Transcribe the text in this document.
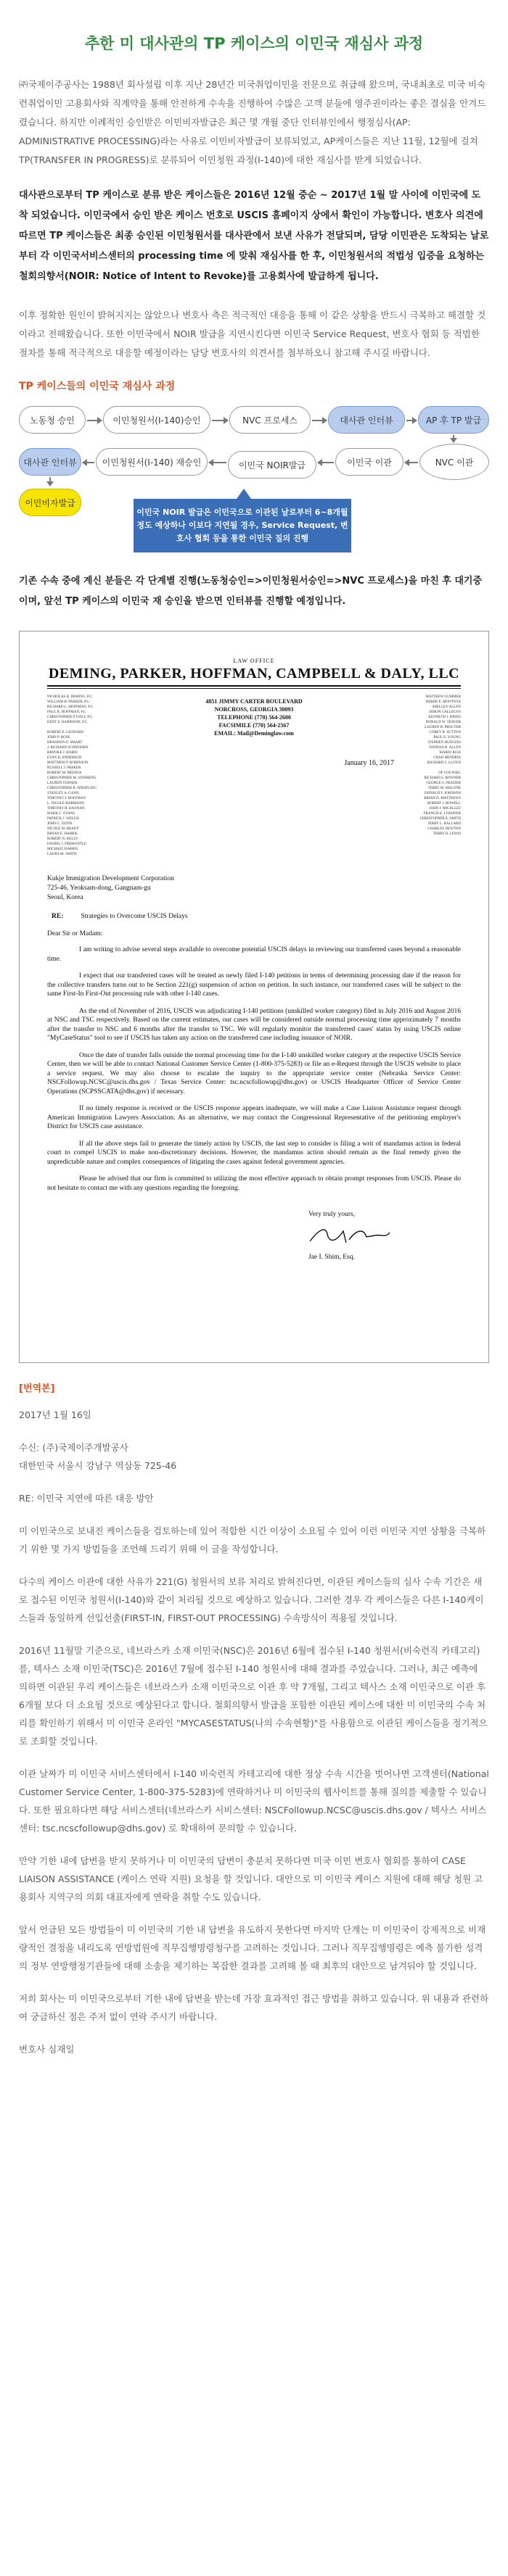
추한 미 대사관의 TP 케이스의 이민국 재심사 과정

㈜국제이주공사는 1988년 회사설립 이후 지난 28년간 미국취업이민을 전문으로 취급해 왔으며, 국내최초로 미국 비숙련취업이민 고용회사와 직계약을 통해 안전하게 수속을 진행하여 수많은 고객 분들에 영주권이라는 좋은 결실을 안겨드렸습니다. 하지만 이례적인 승인받은 이민비자발급은 최근 몇 개월 중단 인터뷰인에서 행정심사(AP: ADMINISTRATIVE PROCESSING)라는 사유로 이민비자발급이 보류되었고, AP케이스들은 지난 11월, 12월에 걸쳐 TP(TRANSFER IN PROGRESS)로 분류되어 이민청원 과정(I-140)에 대한 재심사를 받게 되었습니다.

대사관으로부터 TP 케이스로 분류 받은 케이스들은 2016년 12월 중순 ~ 2017년 1월 말 사이에 이민국에 도착 되었습니다. 이민국에서 승인 받은 케이스 번호로 USCIS 홈페이지 상에서 확인이 가능합니다. 변호사 의견에 따르면 TP 케이스들은 최종 승인된 이민청원서를 대사관에서 보낸 사유가 전달되며, 담당 이민관은 도착되는 날로부터 각 이민국서비스센터의 processing time 에 맞춰 재심사를 한 후, 이민청원서의 적법성 입증을 요청하는 철회의향서(NOIR: Notice of Intent to Revoke)를 고용회사에 발급하게 됩니다.

이후 정확한 원인이 밝혀지지는 않았으나 변호사 측은 적극적인 대응을 통해 이 같은 상황을 반드시 극복하고 해결할 것이라고 전해왔습니다. 또한 이민국에서 NOIR 발급을 지연시킨다면 이민국 Service Request, 변호사 협회 등 적법한 절차를 통해 적극적으로 대응할 예정이라는 담당 변호사의 의견서를 첨부하오니 참고해 주시길 바랍니다.

TP 케이스들의 이민국 재심사 과정
노동청 승인	이민청원서(I-140)승인	NVC 프로세스	대사관 인터뷰	AP 후 TP 발급
대사관 인터뷰	이민청원서(I-140) 재승인	이민국 NOIR발급	이민국 이관	NVC 이관
이민비자발급
이민국 NOIR 발급은 이민국으로 이관된 날로부터 6~8개월 정도 예상하나 이보다 지연될 경우, Service Request, 변호사 협회 등을 통한 이민국 질의 진행

기존 수속 중에 계신 분들은 각 단계별 진행(노동청승인=>이민청원서승인=>NVC 프로세스)을 마친 후 대기중이며, 앞선 TP 케이스의 이민국 재 승인을 받으면 인터뷰를 진행할 예정입니다.

LAW OFFICE
DEMING, PARKER, HOFFMAN, CAMPBELL & DALY, LLC
NICHOLAS B. DEMING, P.C.
WILLIAM B. PARKER, P.C.
RICHARD L. HOFFMAN, P.C.
PAUL R. HOFFMAN, P.C.
CHRISTOPHER P. DALY, P.C.
KENT E. HARRISON, P.C.

ROBERT E. LEONARD
JOHN P. ROSE
BRANDON E. SMART
J. RICHARD SCHNEIDER
BROOKE J. BAIRD
EVAN B. ANDERSON
MATTHEW P. ROBINSON
RUSSELL J. PARKER
ROBERT M. MEDINA
CHRISTOPHER M. STEPHENS
LAUREN TURNER
CHRISTOPHER R. SPRATLING
STANLEY A. GANN
TIMOTHY J. HOFFMAN
L. NICOLE HARRISON
TIMOTHY R. HANNAN
MARK C. EVANS
PATRICK J. WELCH
JOHN C. DUNN
NICOLE M. BRADY
BRYAN E. HARRIS
ROBERT N. KELLY
DANIEL J. FREMANTLE
MICHAEL HARRIS
LAURA M. SMITH
4851 JIMMY CARTER BOULEVARD
NORCROSS, GEORGIA 30093
TELEPHONE (770) 564-2600
FACSIMILE (770) 564-2567
EMAIL: Mail@Deminglaw.com
January 16, 2017
MATTHEW GUMMER
DEREK E. MONTOYA
SHELLEY ALLEN
SIMON GALLEGOS
KENNETH J. HINDS
DONALD W. TRAVER
LAUREN B. PROCTER
COREY R. SUTTON
PAUL D. YOUNG
STEPHEN HUDGINS
NATHAN R. ALLEN
MARIO RUIZ
CHAD HENDRIX
RICHARD L. LLOYD

OF COUNSEL
RICHARD S. BOWNER
GEORGE S. FRAZIER
TERRY M. MALONE
DONALD F. JOHNSON
BRIAN D. MATTHEWS
ROBERT J. HOWELL
JOHN J. MICALLEF
FRANCIS E. LOEHNER
CHRISTOPHER E. SMITH
JERRY L. BALLARD
CHARLES NEWTON
TERRY B. LEWIS
Kukje Immigration Development Corporation
725-46, Yeoksam-dong, Gangnam-gu
Seoul, Korea
RE:	Strategies to Overcome USCIS Delays
Dear Sir or Madam:

I am writing to advise several steps available to overcome potential USCIS delays in reviewing our transferred cases beyond a reasonable time.

I expect that our transferred cases will be treated as newly filed I-140 petitions in terms of determining processing date if the reason for the collective transfers turns out to be Section 221(g) suspension of action on petition. In such instance, our transferred cases will be subject to the same First-In First-Out processing rule with other I-140 cases.

As the end of November of 2016, USCIS was adjudicating I-140 petitions (unskilled worker category) filed in July 2016 and August 2016 at NSC and TSC respectively. Based on the current estimates, our cases will be considered outside normal processing time approximately 7 months after the transfer to NSC and 6 months after the transfer to TSC. We will regularly monitor the transferred cases' status by using USCIS online "MyCaseStatus" tool to see if USCIS has taken any action on the transferred case including issuance of NOIR.

Once the date of transfer falls outside the normal processing time for the I-140 unskilled worker category at the respective USCIS Service Center, then we will be able to contact National Customer Service Center (1-800-375-5283) or file an e-Request through the USCIS website to place a service request. We may also choose to escalate the inquiry to the appropriate service center (Nebraska Service Center: NSCFollowup.NCSC@uscis.dhs.gov / Texas Service Center: tsc.ncscfollowup@dhs.gov) or USCIS Headquarter Officer of Service Center Operations (SCPSSCATA@dhs.gov) if necessary.

If no timely response is received or the USCIS response appears inadequate, we will make a Case Liaison Assistance request through American Immigration Lawyers Association. As an alternative, we may contact the Congressional Representative of the petitioning employer's District for USCIS case assistance.

If all the above steps fail to generate the timely action by USCIS, the last step to consider is filing a writ of mandamus action in federal court to compel USCIS to make non-discretionary decisions. However, the mandamus action should remain as the final remedy given the unpredictable nature and complex consequences of litigating the cases against federal government agencies.

Please be advised that our firm is committed to utilizing the most effective approach to obtain prompt responses from USCIS. Please do not hesitate to contact me with any questions regarding the foregoing.

Very truly yours,
Jae I. Shim, Esq.
[번역본]

2017년 1월 16일

수신: (주)국제이주개발공사
대한민국 서울시 강남구 역삼동 725-46

RE: 이민국 지연에 따른 대응 방안

미 이민국으로 보내진 케이스들을 검토하는데 있어 적합한 시간 이상이 소요될 수 있어 이런 이민국 지연 상황을 극복하기 위한 몇 가지 방법들을 조언해 드리기 위해 이 글을 작성합니다.

다수의 케이스 이관에 대한 사유가 221(G) 청원서의 보류 처리로 밝혀진다면, 이관된 케이스들의 심사 수속 기간은 새로 접수된 이민국 청원서(I-140)와 같이 처리될 것으로 예상하고 있습니다. 그러한 경우 각 케이스들은 다른 I-140케이스들과 동일하게 선입선출(FIRST-IN, FIRST-OUT PROCESSING) 수속방식이 적용될 것입니다.

2016년 11월말 기준으로, 네브라스카 소재 이민국(NSC)은 2016년 6월에 접수된 I-140 청원서(비숙련직 카테고리)를, 텍사스 소재 이민국(TSC)은 2016년 7월에 접수된 I-140 청원서에 대해 결과를 주었습니다. 그러나, 최근 예측에 의하면 이관된 우리 케이스들은 네브라스카 소재 이민국으로 이관 후 약 7개월, 그리고 텍사스 소재 이민국으로 이관 후 6개월 보다 더 소요될 것으로 예상된다고 합니다. 철회의향서 발급을 포함한 이관된 케이스에 대한 미 이민국의 수속 처리를 확인하기 위해서 미 이민국 온라인 "MYCASESTATUS(나의 수속현황)"를 사용함으로 이관된 케이스들을 정기적으로 조회할 것입니다.

이관 날짜가 미 이민국 서비스센터에서 I-140 비숙련직 카테고리에 대한 정상 수속 시간을 벗어나면 고객센터(National Customer Service Center, 1-800-375-5283)에 연락하거나 미 이민국의 웹사이트를 통해 질의를 제출할 수 있습니다. 또한 필요하다면 해당 서비스센터(네브라스카 서비스센터: NSCFollowup.NCSC@uscis.dhs.gov / 텍사스 서비스센터: tsc.ncscfollowup@dhs.gov) 로 확대하여 문의할 수 있습니다.

만약 기한 내에 답변을 받지 못하거나 미 이민국의 답변이 충분치 못하다면 미국 이민 변호사 협회를 통하여 CASE LIAISON ASSISTANCE (케이스 연락 지원) 요청을 할 것입니다. 대안으로 미 이민국 케이스 지원에 대해 해당 청원 고용회사 지역구의 의회 대표자에게 연락을 취할 수도 있습니다.

앞서 언급된 모든 방법들이 미 이민국의 기한 내 답변을 유도하지 못한다면 마지막 단계는 미 이민국이 강제적으로 비재량적인 결정을 내리도록 연방법원에 직무집행명령청구를 고려하는 것입니다. 그러나 직무집행명령은 예측 불가한 성격의 정부 연방행정기관들에 대해 소송을 제기하는 복잡한 결과를 고려해 볼 때 최후의 대안으로 남겨둬야 할 것입니다.

저희 회사는 미 이민국으로부터 기한 내에 답변을 받는데 가장 효과적인 접근 방법을 취하고 있습니다. 위 내용과 관련하여 궁금하신 점은 주저 없이 연락 주시기 바랍니다.

변호사 심재일
